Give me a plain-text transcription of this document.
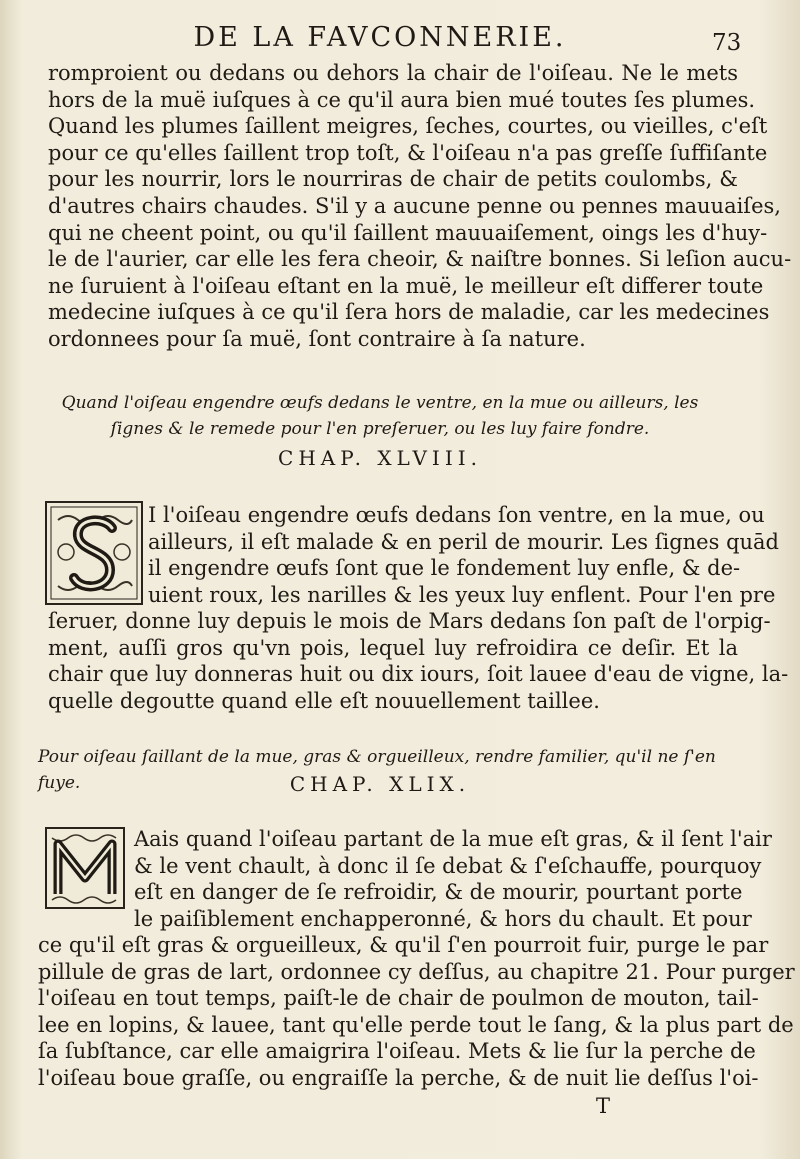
DE LA FAVCONNERIE.	73
romproient ou dedans ou dehors la chair de l'oiſeau. Ne le mets
hors de la muë iuſques à ce qu'il aura bien mué toutes ſes plumes.
Quand les plumes ſaillent meigres, ſeches, courtes, ou vieilles, c'eſt
pour ce qu'elles ſaillent trop toſt, & l'oiſeau n'a pas greſſe ſuffiſante
pour les nourrir, lors le nourriras de chair de petits coulombs, &
d'autres chairs chaudes. S'il y a aucune penne ou pennes mauuaiſes,
qui ne cheent point, ou qu'il ſaillent mauuaiſement, oings les d'huy-
le de l'aurier, car elle les fera cheoir, & naiſtre bonnes. Si leſion aucu-
ne ſuruient à l'oiſeau eſtant en la muë, le meilleur eſt differer toute
medecine iuſques à ce qu'il ſera hors de maladie, car les medecines
ordonnees pour ſa muë, ſont contraire à ſa nature.
Quand l'oiſeau engendre œufs dedans le ventre, en la mue ou ailleurs, les
ſignes & le remede pour l'en preſeruer, ou les luy faire fondre.
CHAP. XLVIII.
I l'oiſeau engendre œufs dedans ſon ventre, en la mue, ou
ailleurs, il eſt malade & en peril de mourir. Les ſignes quād
il engendre œufs ſont que le fondement luy enfle, & de-
uient roux, les narilles & les yeux luy enflent. Pour l'en pre
ſeruer, donne luy depuis le mois de Mars dedans ſon paſt de l'orpig-
ment, auſſi gros qu'vn pois, lequel luy refroidira ce deſir. Et la
chair que luy donneras huit ou dix iours, ſoit lauee d'eau de vigne, la-
quelle degoutte quand elle eſt nouuellement taillee.
Pour oiſeau ſaillant de la mue, gras & orgueilleux, rendre familier, qu'il ne ſ'en fuye.	CHAP. XLIX.
Aais quand l'oiſeau partant de la mue eſt gras, & il ſent l'air
& le vent chault, à donc il ſe debat & ſ'eſchauffe, pourquoy
eſt en danger de ſe refroidir, & de mourir, pourtant porte
le paiſiblement enchapperonné, & hors du chault. Et pour
ce qu'il eſt gras & orgueilleux, & qu'il ſ'en pourroit fuir, purge le par
pillule de gras de lart, ordonnee cy deſſus, au chapitre 21. Pour purger
l'oiſeau en tout temps, paiſt-le de chair de poulmon de mouton, tail-
lee en lopins, & lauee, tant qu'elle perde tout le ſang, & la plus part de
ſa ſubſtance, car elle amaigrira l'oiſeau. Mets & lie ſur la perche de
l'oiſeau boue graſſe, ou engraiſſe la perche, & de nuit lie deſſus l'oi-
T
